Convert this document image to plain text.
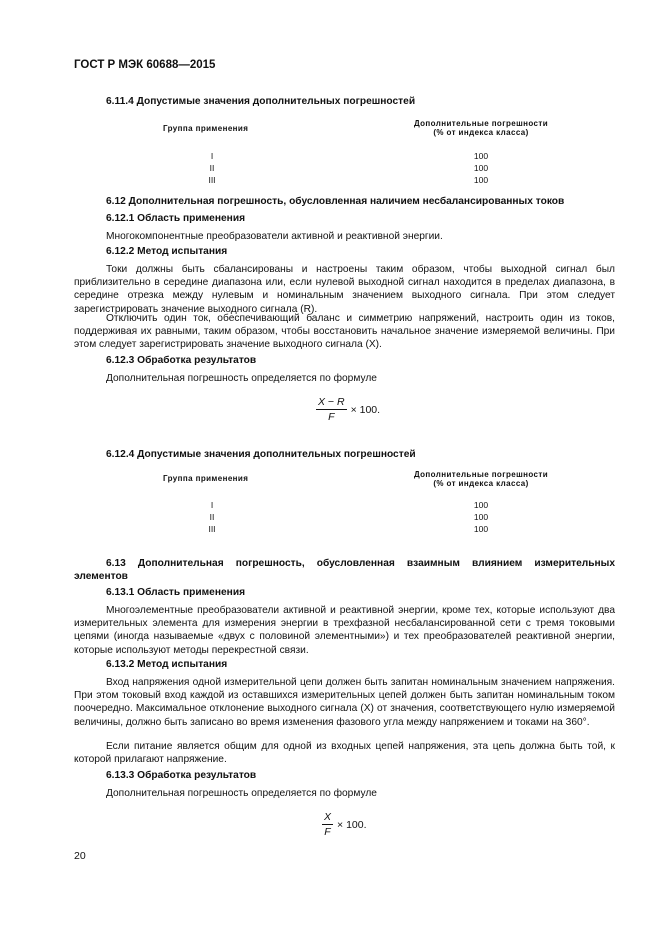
ГОСТ Р МЭК 60688—2015
6.11.4 Допустимые значения дополнительных погрешностей
Группа применения
Дополнительные погрешности
(% от индекса класса)
I	100
II	100
III	100
6.12 Дополнительная погрешность, обусловленная наличием несбалансированных токов
6.12.1 Область применения
Многокомпонентные преобразователи активной и реактивной энергии.
6.12.2 Метод испытания
Токи должны быть сбалансированы и настроены таким образом, чтобы выходной сигнал был приблизительно в середине диапазона или, если нулевой выходной сигнал находится в пределах диапазона, в середине отрезка между нулевым и номинальным значением выходного сигнала. При этом следует зарегистрировать значение выходного сигнала (R).
Отключить один ток, обеспечивающий баланс и симметрию напряжений, настроить один из токов, поддерживая их равными, таким образом, чтобы восстановить начальное значение измеряемой величины. При этом следует зарегистрировать значение выходного сигнала (X).
6.12.3 Обработка результатов
Дополнительная погрешность определяется по формуле
$\frac{X - R}{F} \times 100$.
6.12.4 Допустимые значения дополнительных погрешностей
Группа применения	Дополнительные погрешности
(% от индекса класса)
I	100
II	100
III	100
6.13 Дополнительная погрешность, обусловленная взаимным влиянием измерительных элементов
6.13.1 Область применения
Многоэлементные преобразователи активной и реактивной энергии, кроме тех, которые используют два измерительных элемента для измерения энергии в трехфазной несбалансированной сети с тремя токовыми цепями (иногда называемые «двух с половиной элементными») и тех преобразователей реактивной энергии, которые используют методы перекрестной связи.
6.13.2 Метод испытания
Вход напряжения одной измерительной цепи должен быть запитан номинальным значением напряжения. При этом токовый вход каждой из оставшихся измерительных цепей должен быть запитан номинальным током поочередно. Максимальное отклонение выходного сигнала (X) от значения, соответствующего нулю измеряемой величины, должно быть записано во время изменения фазового угла между напряжением и токами на 360°.
Если питание является общим для одной из входных цепей напряжения, эта цепь должна быть той, к которой прилагают напряжение.
6.13.3 Обработка результатов
Дополнительная погрешность определяется по формуле
$\frac{X}{F} \times 100$.
20
